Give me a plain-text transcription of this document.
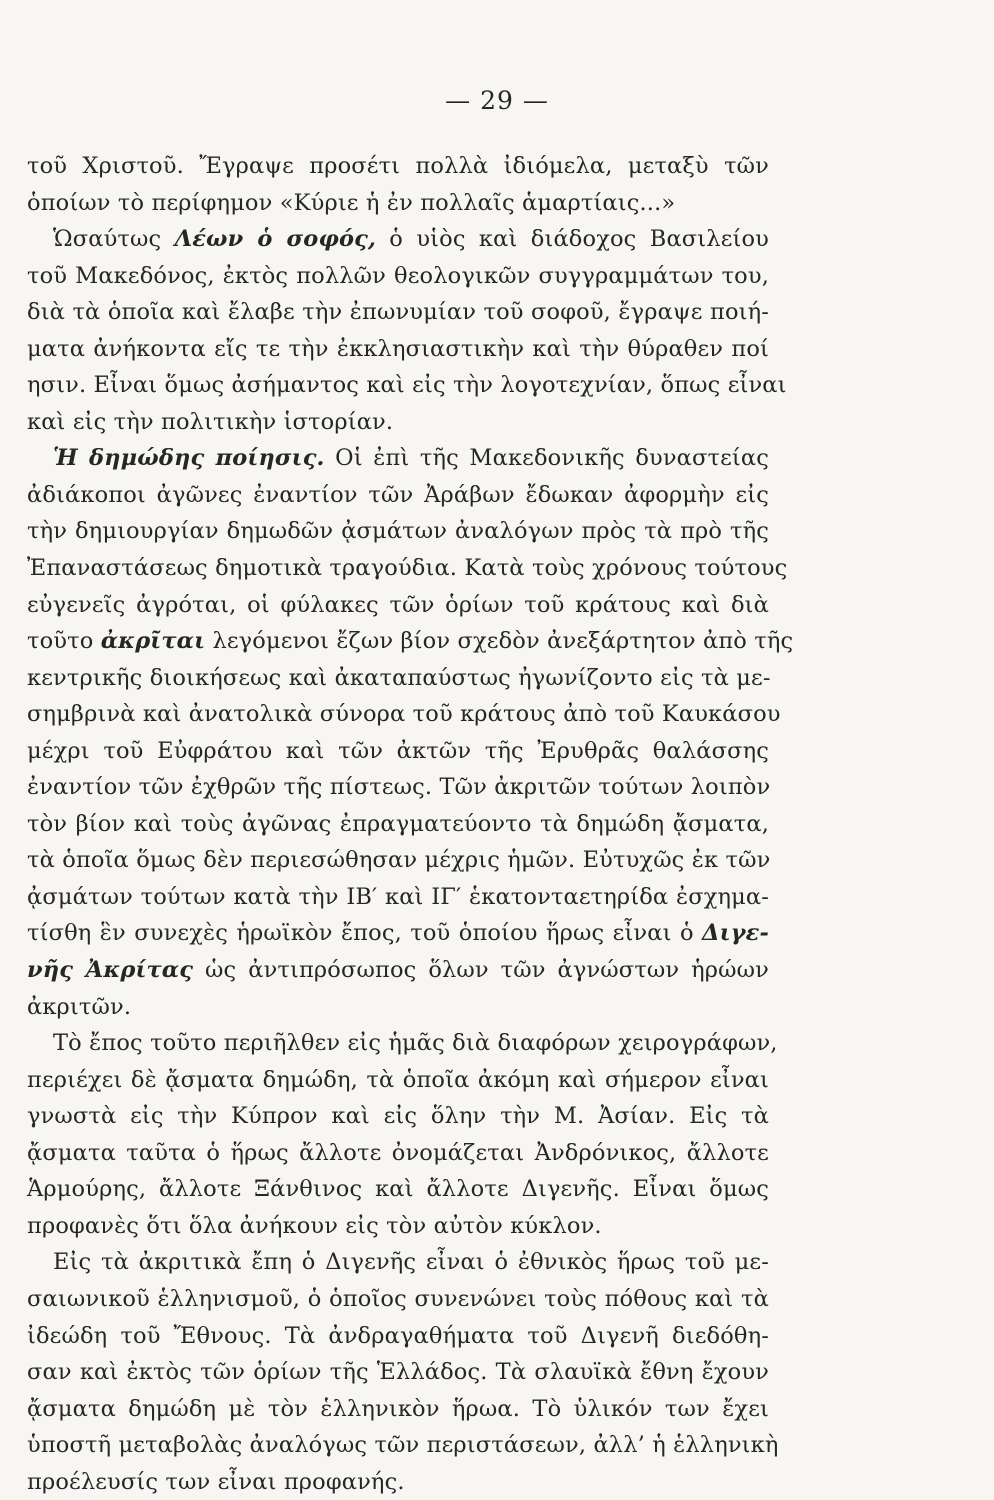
— 29 —
τοῦ Χριστοῦ. Ἔγραψε προσέτι πολλὰ ἰδιόμελα, μεταξὺ τῶν
ὁποίων τὸ περίφημον «Κύριε ἡ ἐν πολλαῖς ἁμαρτίαις...»
Ὡσαύτως Λέων ὁ σοφός, ὁ υἱὸς καὶ διάδοχος Βασιλείου
τοῦ Μακεδόνος, ἐκτὸς πολλῶν θεολογικῶν συγγραμμάτων του,
διὰ τὰ ὁποῖα καὶ ἔλαβε τὴν ἐπωνυμίαν τοῦ σοφοῦ, ἔγραψε ποιή-
ματα ἀνήκοντα εἴς τε τὴν ἐκκλησιαστικὴν καὶ τὴν θύραθεν ποί
ησιν. Εἶναι ὅμως ἀσήμαντος καὶ εἰς τὴν λογοτεχνίαν, ὅπως εἶναι
καὶ εἰς τὴν πολιτικὴν ἱστορίαν.
Ἡ δημώδης ποίησις. Οἱ ἐπὶ τῆς Μακεδονικῆς δυναστείας
ἀδιάκοποι ἀγῶνες ἐναντίον τῶν Ἀράβων ἔδωκαν ἀφορμὴν εἰς
τὴν δημιουργίαν δημωδῶν ᾀσμάτων ἀναλόγων πρὸς τὰ πρὸ τῆς
Ἐπαναστάσεως δημοτικὰ τραγούδια. Κατὰ τοὺς χρόνους τούτους
εὐγενεῖς ἀγρόται, οἱ φύλακες τῶν ὁρίων τοῦ κράτους καὶ διὰ
τοῦτο ἀκρῖται λεγόμενοι ἔζων βίον σχεδὸν ἀνεξάρτητον ἀπὸ τῆς
κεντρικῆς διοικήσεως καὶ ἀκαταπαύστως ἠγωνίζοντο εἰς τὰ με-
σημβρινὰ καὶ ἀνατολικὰ σύνορα τοῦ κράτους ἀπὸ τοῦ Καυκάσου
μέχρι τοῦ Εὐφράτου καὶ τῶν ἀκτῶν τῆς Ἐρυθρᾶς θαλάσσης
ἐναντίον τῶν ἐχθρῶν τῆς πίστεως. Τῶν ἀκριτῶν τούτων λοιπὸν
τὸν βίον καὶ τοὺς ἀγῶνας ἐπραγματεύοντο τὰ δημώδη ᾄσματα,
τὰ ὁποῖα ὅμως δὲν περιεσώθησαν μέχρις ἡμῶν. Εὐτυχῶς ἐκ τῶν
ᾀσμάτων τούτων κατὰ τὴν ΙΒ′ καὶ ΙΓ′ ἑκατονταετηρίδα ἐσχημα-
τίσθη ἓν συνεχὲς ἡρωϊκὸν ἔπος, τοῦ ὁποίου ἥρως εἶναι ὁ Διγε-
νῆς Ἀκρίτας ὡς ἀντιπρόσωπος ὅλων τῶν ἀγνώστων ἡρώων
ἀκριτῶν.
Τὸ ἔπος τοῦτο περιῆλθεν εἰς ἡμᾶς διὰ διαφόρων χειρογράφων,
περιέχει δὲ ᾄσματα δημώδη, τὰ ὁποῖα ἀκόμη καὶ σήμερον εἶναι
γνωστὰ εἰς τὴν Κύπρον καὶ εἰς ὅλην τὴν Μ. Ἀσίαν. Εἰς τὰ
ᾄσματα ταῦτα ὁ ἥρως ἄλλοτε ὀνομάζεται Ἀνδρόνικος, ἄλλοτε
Ἁρμούρης, ἄλλοτε Ξάνθινος καὶ ἄλλοτε Διγενῆς. Εἶναι ὅμως
προφανὲς ὅτι ὅλα ἀνήκουν εἰς τὸν αὐτὸν κύκλον.
Εἰς τὰ ἀκριτικὰ ἔπη ὁ Διγενῆς εἶναι ὁ ἐθνικὸς ἥρως τοῦ με-
σαιωνικοῦ ἑλληνισμοῦ, ὁ ὁποῖος συνενώνει τοὺς πόθους καὶ τὰ
ἰδεώδη τοῦ Ἔθνους. Τὰ ἀνδραγαθήματα τοῦ Διγενῆ διεδόθη-
σαν καὶ ἐκτὸς τῶν ὁρίων τῆς Ἑλλάδος. Τὰ σλαυϊκὰ ἔθνη ἔχουν
ᾄσματα δημώδη μὲ τὸν ἑλληνικὸν ἥρωα. Τὸ ὑλικόν των ἔχει
ὑποστῆ μεταβολὰς ἀναλόγως τῶν περιστάσεων, ἀλλ’ ἡ ἑλληνικὴ
προέλευσίς των εἶναι προφανής.
